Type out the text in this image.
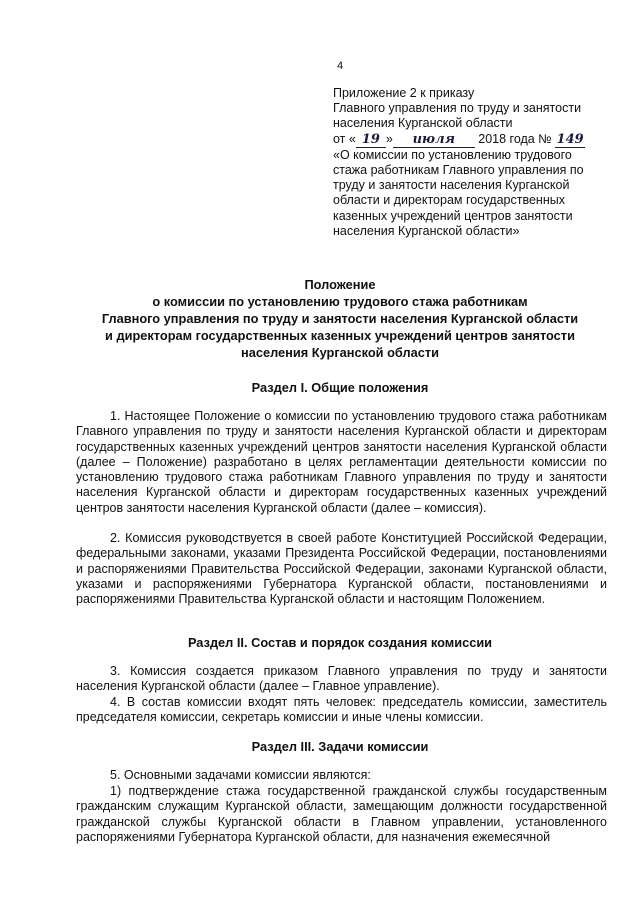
4
Приложение 2 к приказу
Главного управления по труду и занятости
населения Курганской области
от « 19 » июля 2018 года № 149
«О комиссии по установлению трудового
стажа работникам Главного управления по
труду и занятости населения Курганской
области и директорам государственных
казенных учреждений центров занятости
населения Курганской области»
Положение
о комиссии по установлению трудового стажа работникам
Главного управления по труду и занятости населения Курганской области
и директорам государственных казенных учреждений центров занятости
населения Курганской области
Раздел I. Общие положения

1. Настоящее Положение о комиссии по установлению трудового стажа работникам Главного управления по труду и занятости населения Курганской области и директорам государственных казенных учреждений центров занятости населения Курганской области (далее – Положение) разработано в целях регламентации деятельности комиссии по установлению трудового стажа работникам Главного управления по труду и занятости населения Курганской области и директорам государственных казенных учреждений центров занятости населения Курганской области (далее – комиссия).

2. Комиссия руководствуется в своей работе Конституцией Российской Федерации, федеральными законами, указами Президента Российской Федерации, постановлениями и распоряжениями Правительства Российской Федерации, законами Курганской области, указами и распоряжениями Губернатора Курганской области, постановлениями и распоряжениями Правительства Курганской области и настоящим Положением.

Раздел II. Состав и порядок создания комиссии

3. Комиссия создается приказом Главного управления по труду и занятости населения Курганской области (далее – Главное управление).

4. В состав комиссии входят пять человек: председатель комиссии, заместитель председателя комиссии, секретарь комиссии и иные члены комиссии.

Раздел III. Задачи комиссии

5. Основными задачами комиссии являются:

1) подтверждение стажа государственной гражданской службы государственным гражданским служащим Курганской области, замещающим должности государственной гражданской службы Курганской области в Главном управлении, установленного распоряжениями Губернатора Курганской области, для назначения ежемесячной
